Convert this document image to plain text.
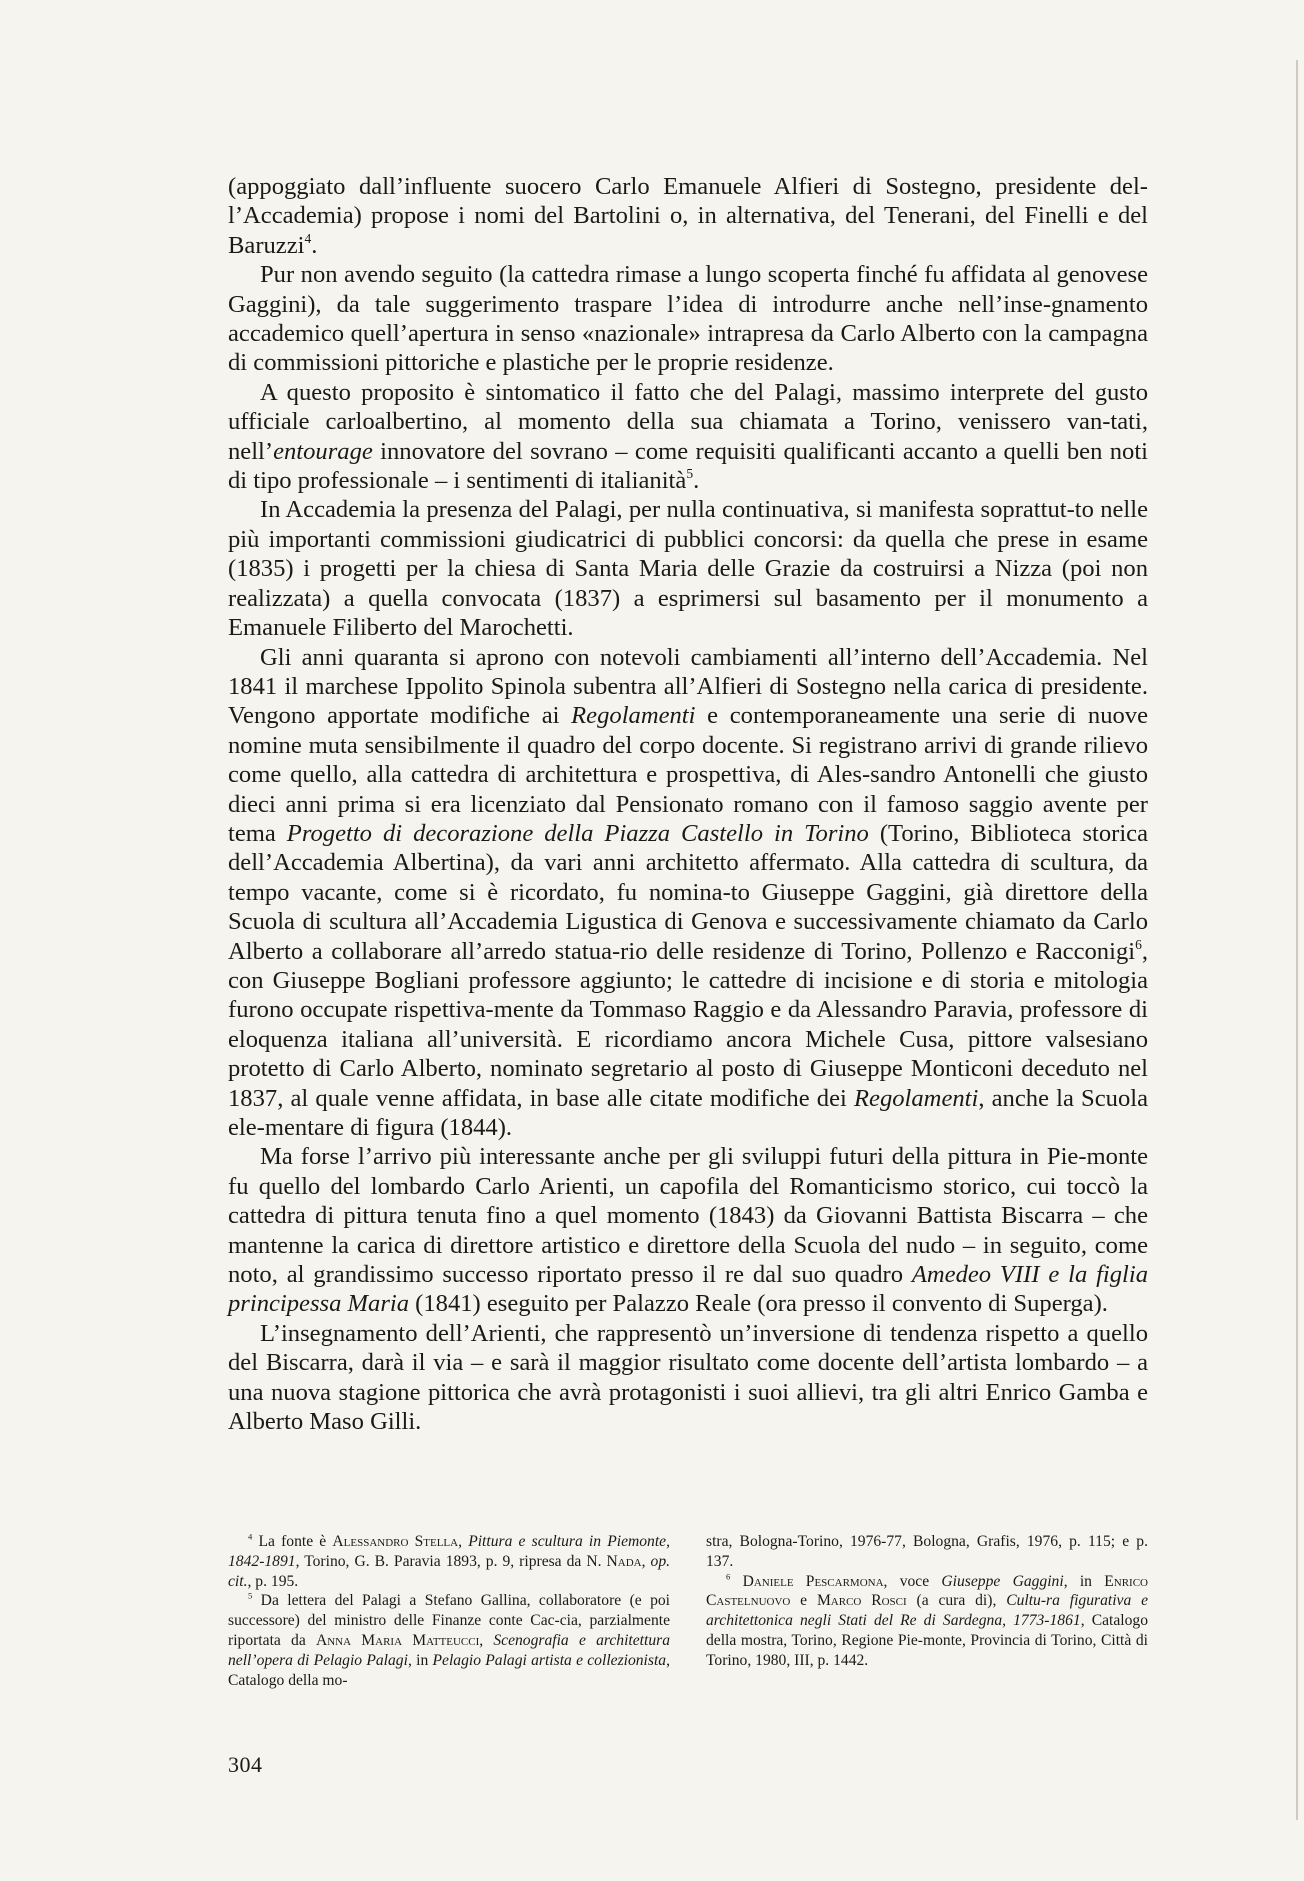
(appoggiato dall’influente suocero Carlo Emanuele Alfieri di Sostegno, presidente del-l’Accademia) propose i nomi del Bartolini o, in alternativa, del Tenerani, del Finelli e del Baruzzi$^4$.

Pur non avendo seguito (la cattedra rimase a lungo scoperta finché fu affidata al genovese Gaggini), da tale suggerimento traspare l’idea di introdurre anche nell’inse-gnamento accademico quell’apertura in senso «nazionale» intrapresa da Carlo Alberto con la campagna di commissioni pittoriche e plastiche per le proprie residenze.

A questo proposito è sintomatico il fatto che del Palagi, massimo interprete del gusto ufficiale carloalbertino, al momento della sua chiamata a Torino, venissero van-tati, nell’entourage innovatore del sovrano – come requisiti qualificanti accanto a quelli ben noti di tipo professionale – i sentimenti di italianità$^5$.

In Accademia la presenza del Palagi, per nulla continuativa, si manifesta soprattut-to nelle più importanti commissioni giudicatrici di pubblici concorsi: da quella che prese in esame (1835) i progetti per la chiesa di Santa Maria delle Grazie da costruirsi a Nizza (poi non realizzata) a quella convocata (1837) a esprimersi sul basamento per il monumento a Emanuele Filiberto del Marochetti.

Gli anni quaranta si aprono con notevoli cambiamenti all’interno dell’Accademia. Nel 1841 il marchese Ippolito Spinola subentra all’Alfieri di Sostegno nella carica di presidente. Vengono apportate modifiche ai Regolamenti e contemporaneamente una serie di nuove nomine muta sensibilmente il quadro del corpo docente. Si registrano arrivi di grande rilievo come quello, alla cattedra di architettura e prospettiva, di Ales-sandro Antonelli che giusto dieci anni prima si era licenziato dal Pensionato romano con il famoso saggio avente per tema Progetto di decorazione della Piazza Castello in Torino (Torino, Biblioteca storica dell’Accademia Albertina), da vari anni architetto affermato. Alla cattedra di scultura, da tempo vacante, come si è ricordato, fu nomina-to Giuseppe Gaggini, già direttore della Scuola di scultura all’Accademia Ligustica di Genova e successivamente chiamato da Carlo Alberto a collaborare all’arredo statua-rio delle residenze di Torino, Pollenzo e Racconigi$^6$, con Giuseppe Bogliani professore aggiunto; le cattedre di incisione e di storia e mitologia furono occupate rispettiva-mente da Tommaso Raggio e da Alessandro Paravia, professore di eloquenza italiana all’università. E ricordiamo ancora Michele Cusa, pittore valsesiano protetto di Carlo Alberto, nominato segretario al posto di Giuseppe Monticoni deceduto nel 1837, al quale venne affidata, in base alle citate modifiche dei Regolamenti, anche la Scuola ele-mentare di figura (1844).

Ma forse l’arrivo più interessante anche per gli sviluppi futuri della pittura in Pie-monte fu quello del lombardo Carlo Arienti, un capofila del Romanticismo storico, cui toccò la cattedra di pittura tenuta fino a quel momento (1843) da Giovanni Battista Biscarra – che mantenne la carica di direttore artistico e direttore della Scuola del nudo – in seguito, come noto, al grandissimo successo riportato presso il re dal suo quadro Amedeo VIII e la figlia principessa Maria (1841) eseguito per Palazzo Reale (ora presso il convento di Superga).

L’insegnamento dell’Arienti, che rappresentò un’inversione di tendenza rispetto a quello del Biscarra, darà il via – e sarà il maggior risultato come docente dell’artista lombardo – a una nuova stagione pittorica che avrà protagonisti i suoi allievi, tra gli altri Enrico Gamba e Alberto Maso Gilli.

$^4$ La fonte è Alessandro Stella, Pittura e scultura in Piemonte, 1842-1891, Torino, G. B. Paravia 1893, p. 9, ripresa da N. Nada, op. cit., p. 195.

$^5$ Da lettera del Palagi a Stefano Gallina, collaboratore (e poi successore) del ministro delle Finanze conte Cac-cia, parzialmente riportata da Anna Maria Matteucci, Scenografia e architettura nell’opera di Pelagio Palagi, in Pelagio Palagi artista e collezionista, Catalogo della mo-

stra, Bologna-Torino, 1976-77, Bologna, Grafis, 1976, p. 115; e p. 137.

$^6$ Daniele Pescarmona, voce Giuseppe Gaggini, in Enrico Castelnuovo e Marco Rosci (a cura di), Cultu-ra figurativa e architettonica negli Stati del Re di Sardegna, 1773-1861, Catalogo della mostra, Torino, Regione Pie-monte, Provincia di Torino, Città di Torino, 1980, III, p. 1442.

304
